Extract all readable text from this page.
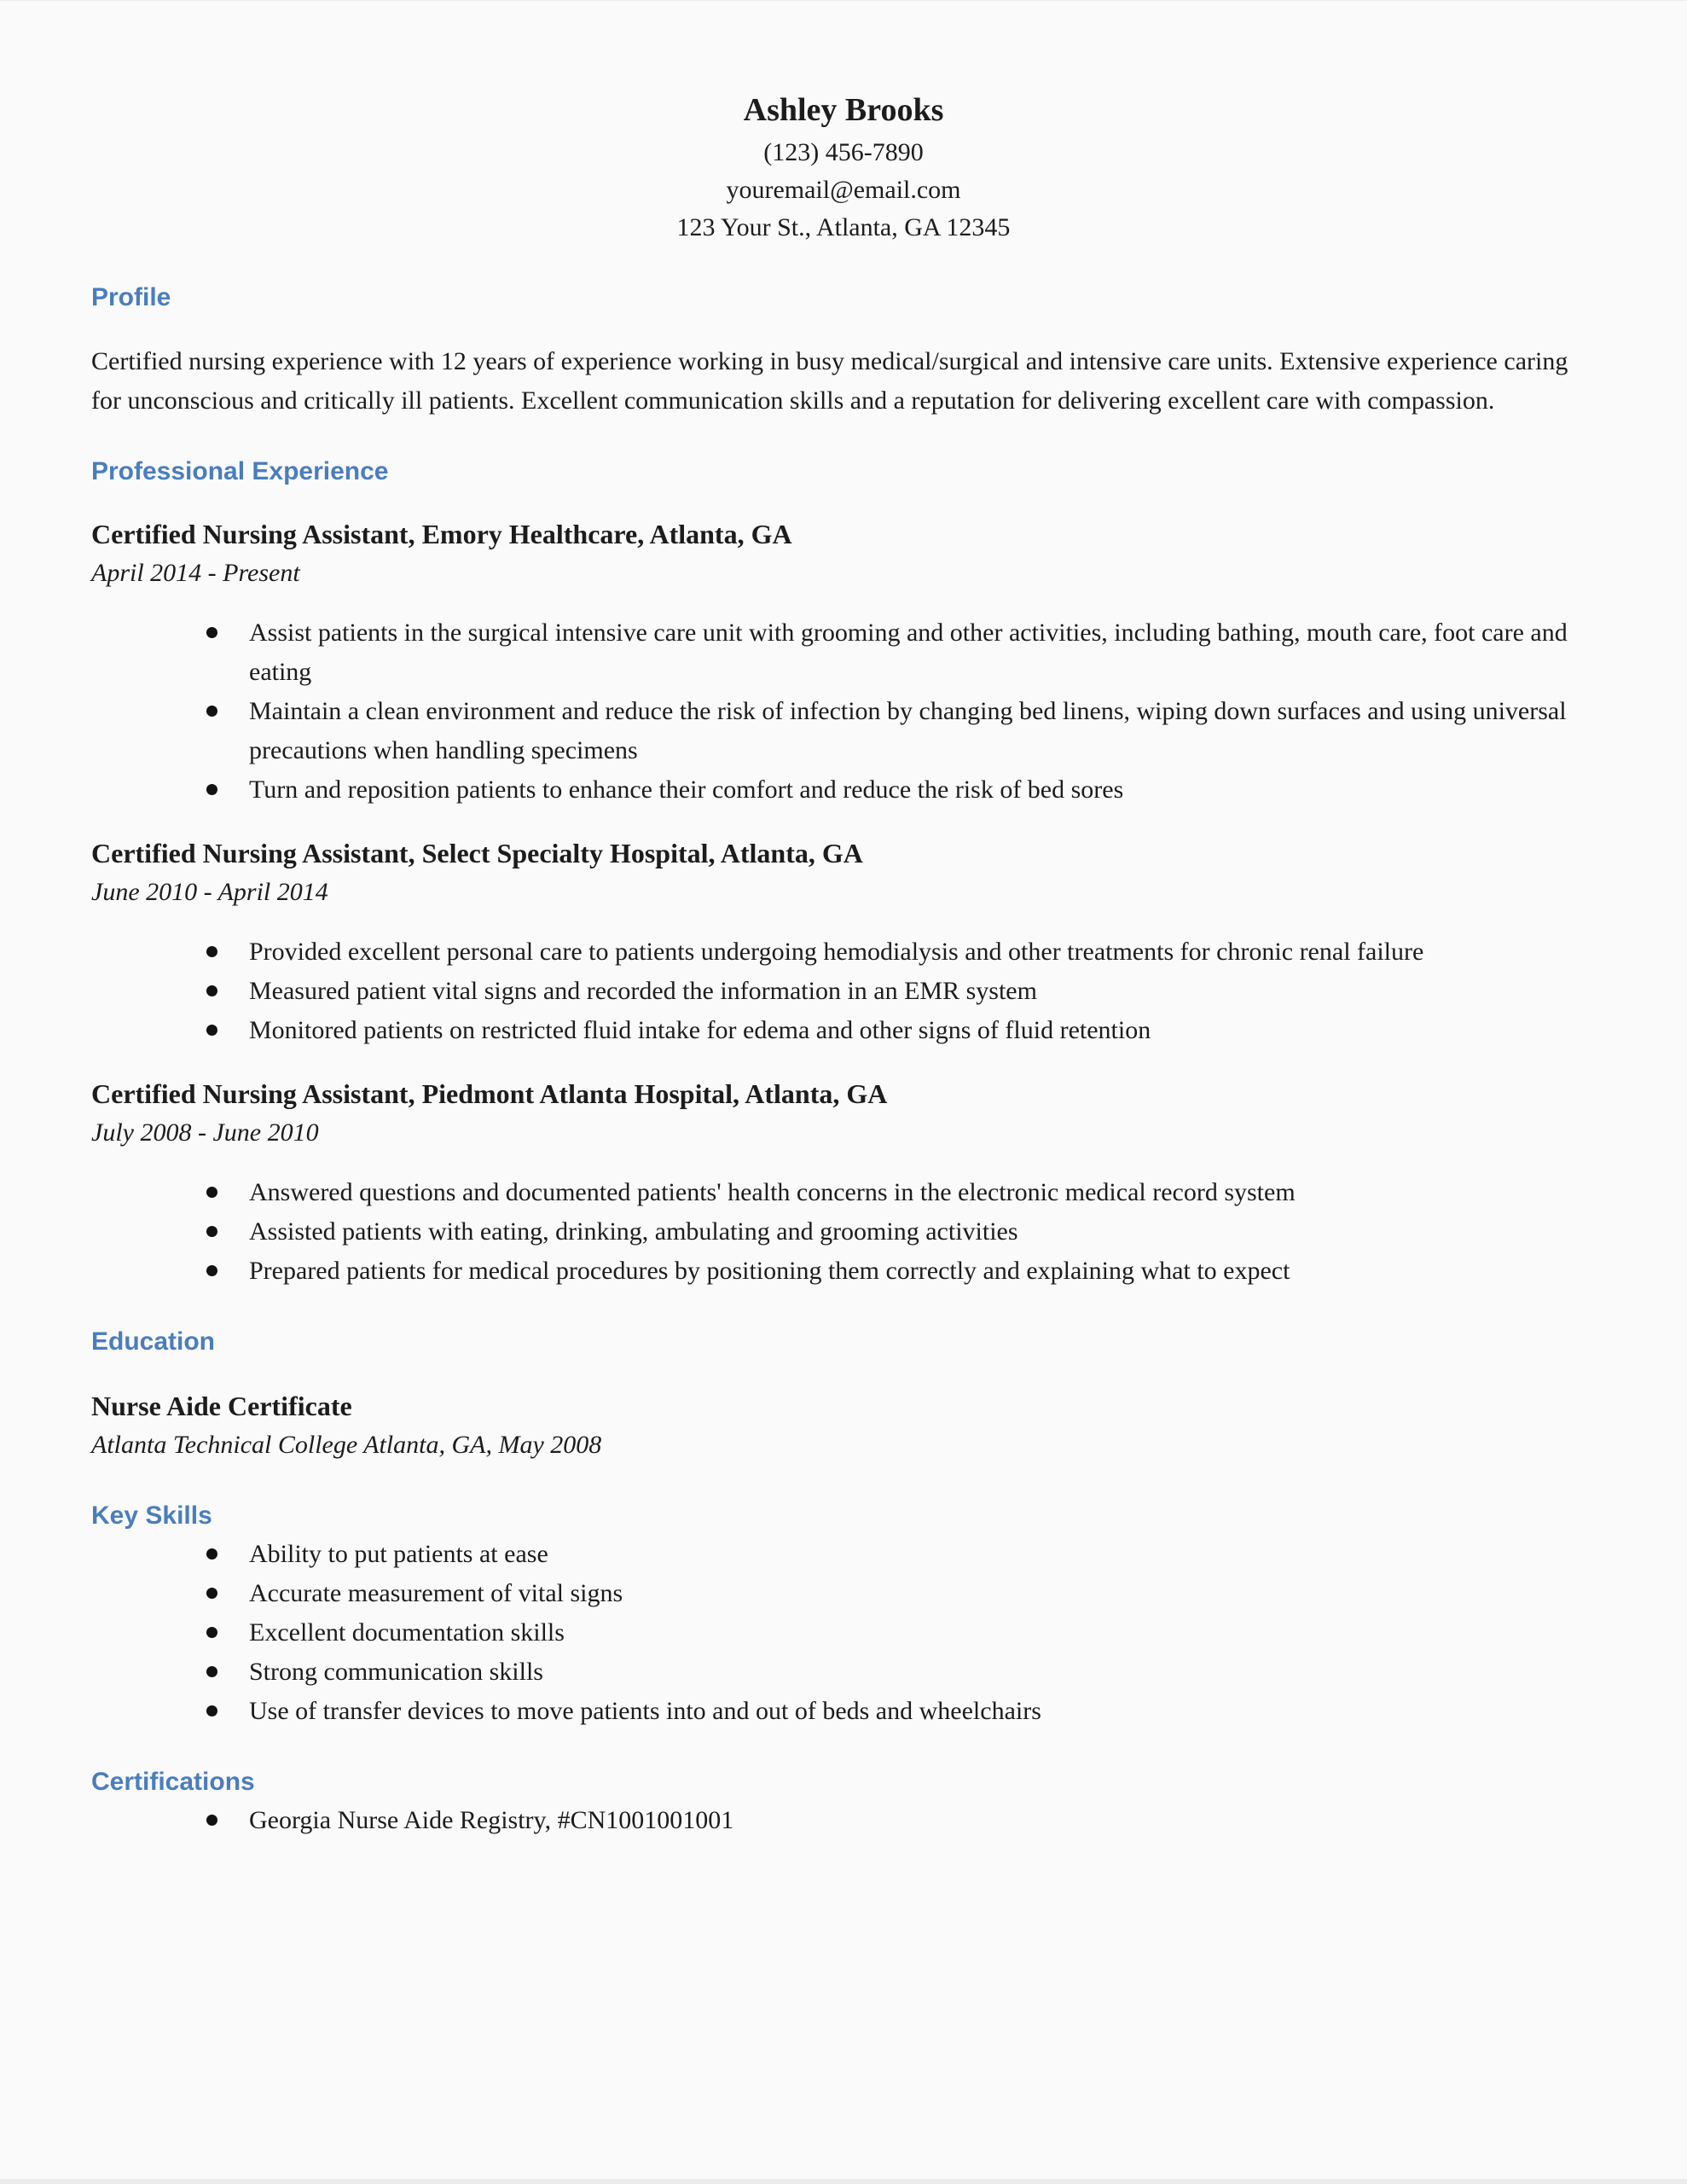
Ashley Brooks
(123) 456-7890
youremail@email.com
123 Your St., Atlanta, GA 12345
Profile

Certified nursing experience with 12 years of experience working in busy medical/surgical and intensive care units. Extensive experience caring for unconscious and critically ill patients. Excellent communication skills and a reputation for delivering excellent care with compassion.

Professional Experience
Certified Nursing Assistant, Emory Healthcare, Atlanta, GA
April 2014 - Present
Assist patients in the surgical intensive care unit with grooming and other activities, including bathing, mouth care, foot care and eating
Maintain a clean environment and reduce the risk of infection by changing bed linens, wiping down surfaces and using universal precautions when handling specimens
Turn and reposition patients to enhance their comfort and reduce the risk of bed sores
Certified Nursing Assistant, Select Specialty Hospital, Atlanta, GA
June 2010 - April 2014
Provided excellent personal care to patients undergoing hemodialysis and other treatments for chronic renal failure
Measured patient vital signs and recorded the information in an EMR system
Monitored patients on restricted fluid intake for edema and other signs of fluid retention
Certified Nursing Assistant, Piedmont Atlanta Hospital, Atlanta, GA
July 2008 - June 2010
Answered questions and documented patients' health concerns in the electronic medical record system
Assisted patients with eating, drinking, ambulating and grooming activities
Prepared patients for medical procedures by positioning them correctly and explaining what to expect
Education
Nurse Aide Certificate
Atlanta Technical College Atlanta, GA, May 2008
Key Skills
Ability to put patients at ease
Accurate measurement of vital signs
Excellent documentation skills
Strong communication skills
Use of transfer devices to move patients into and out of beds and wheelchairs
Certifications
Georgia Nurse Aide Registry, #CN1001001001
